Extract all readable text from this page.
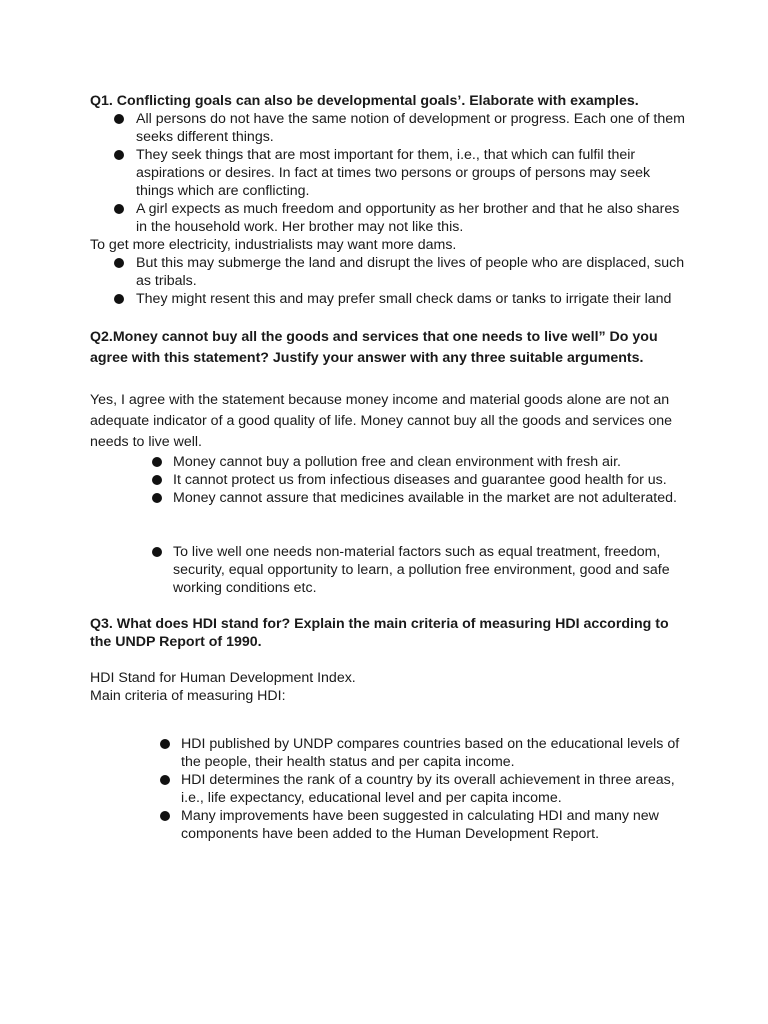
Q1. Conflicting goals can also be developmental goals’. Elaborate with examples.

All persons do not have the same notion of development or progress. Each one of them seeks different things.
They seek things that are most important for them, i.e., that which can fulfil their aspirations or desires. In fact at times two persons or groups of persons may seek things which are conflicting.
A girl expects as much freedom and opportunity as her brother and that he also shares in the household work. Her brother may not like this.

To get more electricity, industrialists may want more dams.

But this may submerge the land and disrupt the lives of people who are displaced, such as tribals.
They might resent this and may prefer small check dams or tanks to irrigate their land

Q2.Money cannot buy all the goods and services that one needs to live well” Do you agree with this statement? Justify your answer with any three suitable arguments.

Yes, I agree with the statement because money income and material goods alone are not an adequate indicator of a good quality of life. Money cannot buy all the goods and services one needs to live well.

Money cannot buy a pollution free and clean environment with fresh air.
It cannot protect us from infectious diseases and guarantee good health for us.
Money cannot assure that medicines available in the market are not adulterated.
To live well one needs non-material factors such as equal treatment, freedom, security, equal opportunity to learn, a pollution free environment, good and safe working conditions etc.

Q3. What does HDI stand for? Explain the main criteria of measuring HDI according to the UNDP Report of 1990.

HDI Stand for Human Development Index.

Main criteria of measuring HDI:

HDI published by UNDP compares countries based on the educational levels of the people, their health status and per capita income.
HDI determines the rank of a country by its overall achievement in three areas, i.e., life expectancy, educational level and per capita income.
Many improvements have been suggested in calculating HDI and many new components have been added to the Human Development Report.
